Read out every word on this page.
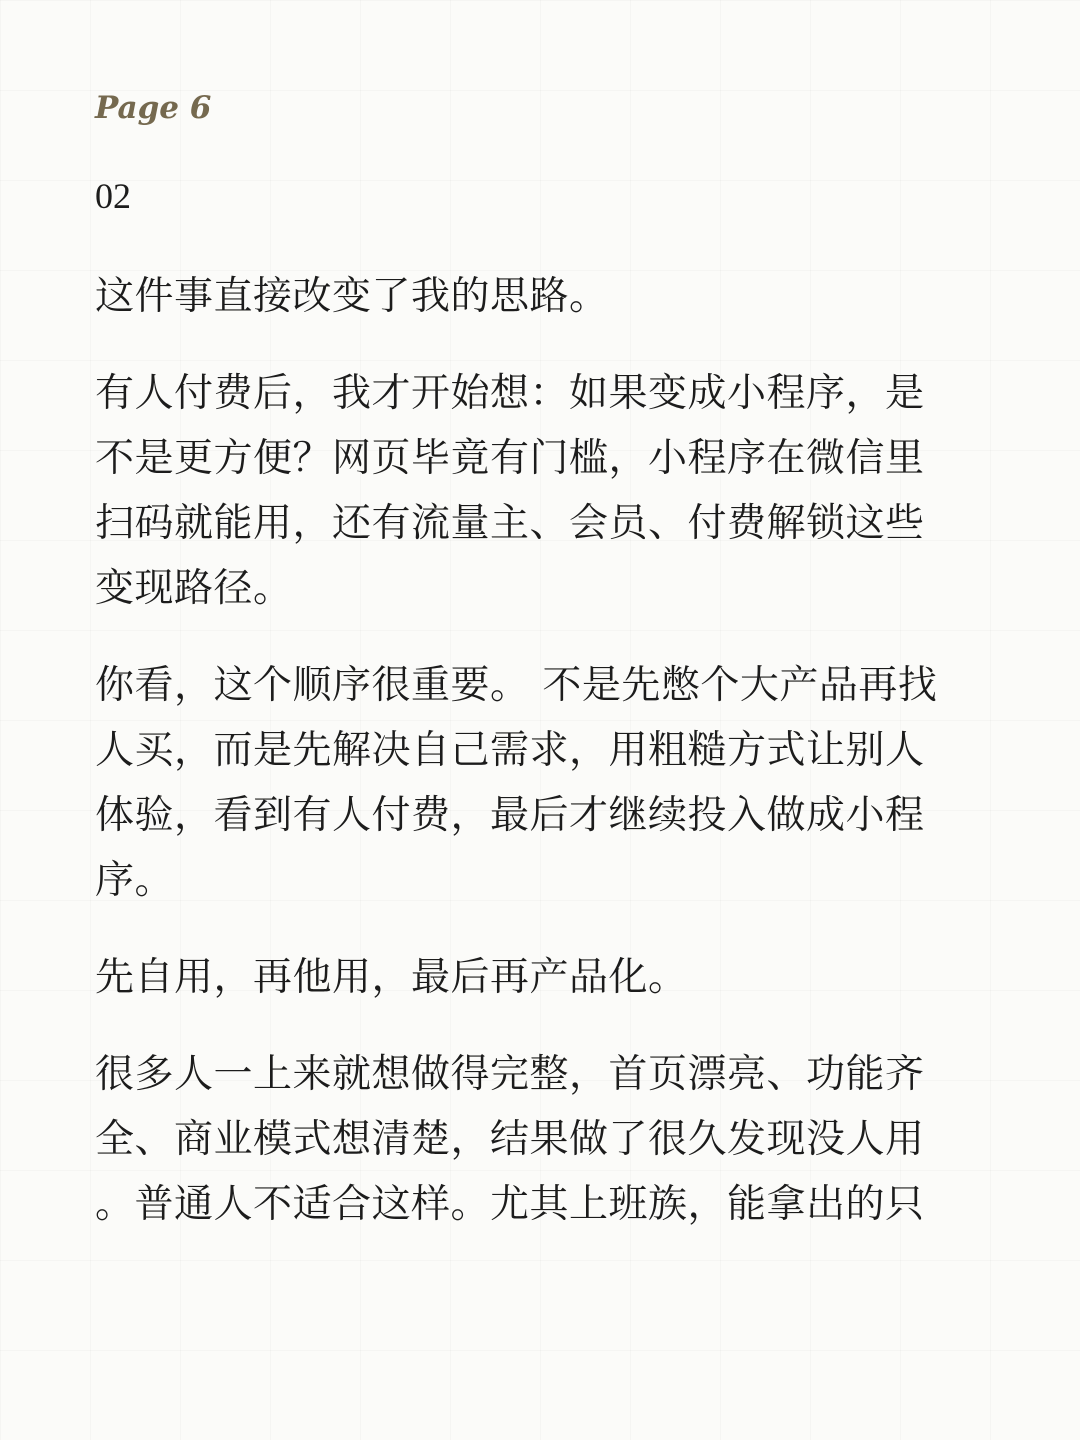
Page 6
02

这件事直接改变了我的思路。

有人付费后，我才开始想：如果变成小程序，是
不是更方便？网页毕竟有门槛，小程序在微信里
扫码就能用，还有流量主、会员、付费解锁这些
变现路径。

你看，这个顺序很重要。 不是先憋个大产品再找
人买，而是先解决自己需求，用粗糙方式让别人
体验，看到有人付费，最后才继续投入做成小程
序。

先自用，再他用，最后再产品化。

很多人一上来就想做得完整，首页漂亮、功能齐
全、商业模式想清楚，结果做了很久发现没人用
。普通人不适合这样。尤其上班族，能拿出的只
